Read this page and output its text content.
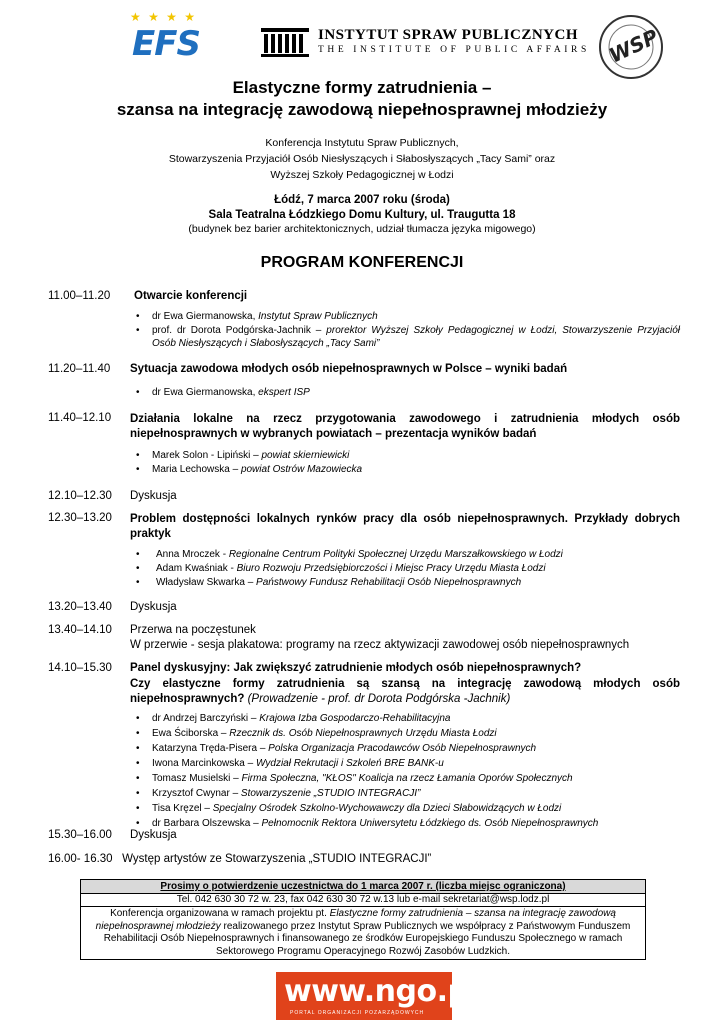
★ ★ ★ ★
EFS	INSTYTUT SPRAW PUBLICZNYCH
THE INSTITUTE OF PUBLIC AFFAIRS WSP
Elastyczne formy zatrudnienia –
szansa na integrację zawodową niepełnosprawnej młodzieży
Konferencja Instytutu Spraw Publicznych,
Stowarzyszenia Przyjaciół Osób Niesłyszących i Słabosłyszących „Tacy Sami” oraz
Wyższej Szkoły Pedagogicznej w Łodzi
Łódź, 7 marca 2007 roku (środa)
Sala Teatralna Łódzkiego Domu Kultury, ul. Traugutta 18
(budynek bez barier architektonicznych, udział tłumacza języka migowego)
PROGRAM KONFERENCJI
11.00–11.20 Otwarcie konferencji
• dr Ewa Giermanowska, Instytut Spraw Publicznych
• prof. dr Dorota Podgórska-Jachnik – prorektor Wyższej Szkoły Pedagogicznej w Łodzi, Stowarzyszenie Przyjaciół Osób Niesłyszących i Słabosłyszących „Tacy Sami”
11.20–11.40 Sytuacja zawodowa młodych osób niepełnosprawnych w Polsce – wyniki badań
• dr Ewa Giermanowska, ekspert ISP
11.40–12.10 Działania lokalne na rzecz przygotowania zawodowego i zatrudnienia młodych osób niepełnosprawnych w wybranych powiatach – prezentacja wyników badań
• Marek Solon - Lipiński – powiat skierniewicki
• Maria Lechowska – powiat Ostrów Mazowiecka
12.10–12.30 Dyskusja
12.30–13.20 Problem dostępności lokalnych rynków pracy dla osób niepełnosprawnych. Przykłady dobrych praktyk
• Anna Mroczek - Regionalne Centrum Polityki Społecznej Urzędu Marszałkowskiego w Łodzi
• Adam Kwaśniak - Biuro Rozwoju Przedsiębiorczości i Miejsc Pracy Urzędu Miasta Łodzi
• Władysław Skwarka – Państwowy Fundusz Rehabilitacji Osób Niepełnosprawnych
13.20–13.40 Dyskusja
13.40–14.10 Przerwa na poczęstunek
W przerwie - sesja plakatowa: programy na rzecz aktywizacji zawodowej osób niepełnosprawnych
14.10–15.30 Panel dyskusyjny: Jak zwiększyć zatrudnienie młodych osób niepełnosprawnych?
Czy elastyczne formy zatrudnienia są szansą na integrację zawodową młodych osób niepełnosprawnych? (Prowadzenie - prof. dr Dorota Podgórska -Jachnik)
• dr Andrzej Barczyński – Krajowa Izba Gospodarczo-Rehabilitacyjna
• Ewa Ściborska – Rzecznik ds. Osób Niepełnosprawnych Urzędu Miasta Łodzi
• Katarzyna Tręda-Pisera – Polska Organizacja Pracodawców Osób Niepełnosprawnych
• Iwona Marcinkowska – Wydział Rekrutacji i Szkoleń BRE BANK-u
• Tomasz Musielski – Firma Społeczna, "KŁOS" Koalicja na rzecz Łamania Oporów Społecznych
• Krzysztof Cwynar – Stowarzyszenie „STUDIO INTEGRACJI”
• Tisa Kręzel – Specjalny Ośrodek Szkolno-Wychowawczy dla Dzieci Słabowidzących w Łodzi
• dr Barbara Olszewska – Pełnomocnik Rektora Uniwersytetu Łódzkiego ds. Osób Niepełnosprawnych
15.30–16.00 Dyskusja
16.00- 16.30   Występ artystów ze Stowarzyszenia „STUDIO INTEGRACJI”
Prosimy o potwierdzenie uczestnictwa do 1 marca 2007 r. (liczba miejsc ograniczona)
Tel. 042 630 30 72 w. 23, fax 042 630 30 72 w.13 lub e-mail sekretariat@wsp.lodz.pl
Konferencja organizowana w ramach projektu pt. Elastyczne formy zatrudnienia – szansa na integrację zawodową niepełnosprawnej młodzieży realizowanego przez Instytut Spraw Publicznych we współpracy z Państwowym Funduszem Rehabilitacji Osób Niepełnosprawnych i finansowanego ze środków Europejskiego Funduszu Społecznego w ramach Sektorowego Programu Operacyjnego Rozwój Zasobów Ludzkich.
www.ngo.pl
PORTAL ORGANIZACJI POZARZĄDOWYCH
